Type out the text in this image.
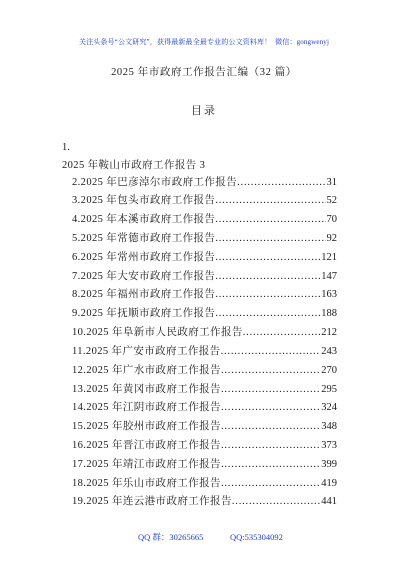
关注头条号“公文研究”，获得最新最全最专业的公文资料库！  微信：gongwenyj
2025 年市政府工作报告汇编（32 篇）
目录
1.
2025 年鞍山市政府工作报告 3
2.2025 年巴彦淖尔市政府工作报告 .....	31
3.2025 年包头市政府工作报告 .....	52
4.2025 年本溪市政府工作报告 .....	70
5.2025 年常德市政府工作报告 .....	92
6.2025 年常州市政府工作报告 .....	121
7.2025 年大安市政府工作报告 .....	147
8.2025 年福州市政府工作报告 .....	163
9.2025 年抚顺市政府工作报告 .....	188
10.2025 年阜新市人民政府工作报告 .....	212
11.2025 年广安市政府工作报告 .....	243
12.2025 年广水市政府工作报告 .....	270
13.2025 年黄冈市政府工作报告 .....	295
14.2025 年江阴市政府工作报告 .....	324
15.2025 年胶州市政府工作报告 .....	348
16.2025 年晋江市政府工作报告 .....	373
17.2025 年靖江市政府工作报告 .....	399
18.2025 年乐山市政府工作报告 .....	419
19.2025 年连云港市政府工作报告 .....	441
QQ 群：30265665	QQ:535304092
